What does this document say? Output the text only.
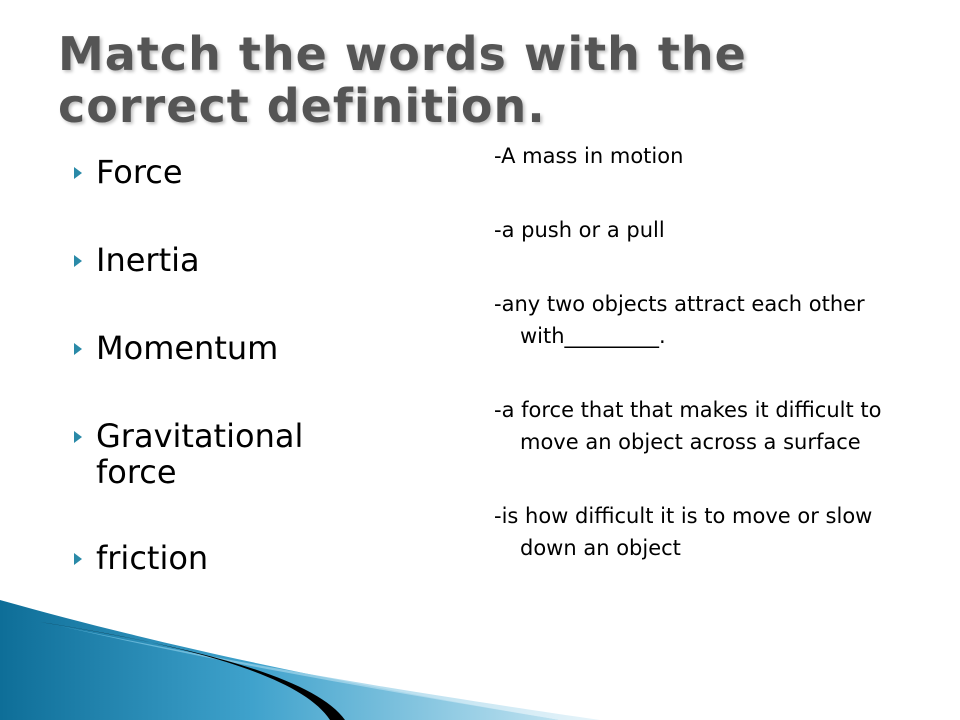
Match the words with the correct definition.
Force
Inertia
Momentum
Gravitational force
friction
-A mass in motion
-a push or a pull
-any two objects attract each other with_________.
-a force that that makes it difficult to move an object across a surface
-is how difficult it is to move or slow down an object
